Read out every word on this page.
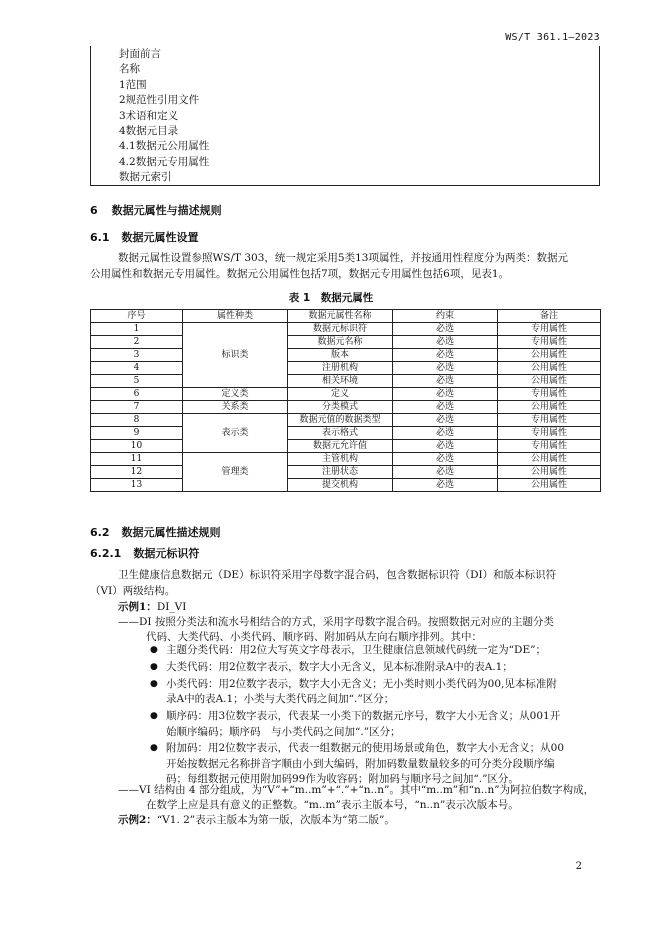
WS/T 361.1—2023
封面前言
名称
1范围
2规范性引用文件
3术语和定义
4数据元目录
4.1数据元公用属性
4.2数据元专用属性
数据元索引
6 数据元属性与描述规则
6.1 数据元属性设置
数据元属性设置参照WS/T 303，统一规定采用5类13项属性，并按通用性程度分为两类：数据元
公用属性和数据元专用属性。数据元公用属性包括7项，数据元专用属性包括6项，见表1。
表 1　数据元属性
序号	属性种类	数据元属性名称	约束	备注
1	标识类	数据元标识符	必选	专用属性
2		数据元名称	必选	专用属性
3		版本	必选	公用属性
4		注册机构	必选	公用属性
5		相关环境	必选	公用属性
6	定义类	定义	必选	专用属性
7	关系类	分类模式	必选	公用属性
8	表示类	数据元值的数据类型	必选	专用属性
9		表示格式	必选	专用属性
10		数据元允许值	必选	专用属性
11	管理类	主管机构	必选	公用属性
12		注册状态	必选	公用属性
13		提交机构	必选	公用属性
6.2 数据元属性描述规则
6.2.1 数据元标识符
卫生健康信息数据元（DE）标识符采用字母数字混合码，包含数据标识符（DI）和版本标识符
（VI）两级结构。
示例1：DI_VI
——DI 按照分类法和流水号相结合的方式，采用字母数字混合码。按照数据元对应的主题分类
代码、大类代码、小类代码、顺序码、附加码从左向右顺序排列。其中：
● 主题分类代码：用2位大写英文字母表示，卫生健康信息领域代码统一定为“DE”；
● 大类代码：用2位数字表示，数字大小无含义，见本标准附录A中的表A.1；
● 小类代码：用2位数字表示，数字大小无含义；无小类时则小类代码为00,见本标准附
录A中的表A.1；小类与大类代码之间加“.”区分；
● 顺序码：用3位数字表示，代表某一小类下的数据元序号，数字大小无含义；从001开
始顺序编码；顺序码　与小类代码之间加“.”区分；
● 附加码：用2位数字表示，代表一组数据元的使用场景或角色，数字大小无含义；从00
开始按数据元名称拼音字顺由小到大编码，附加码数量数量较多的可分类分段顺序编
码；每组数据元使用附加码99作为收容码；附加码与顺序号之间加“.”区分。
——VI 结构由 4 部分组成，为“V”+“m..m”+“.”+“n..n”。其中“m..m”和“n..n”为阿拉伯数字构成，
在数学上应是具有意义的正整数。“m..m”表示主版本号，“n..n”表示次版本号。
示例2：“V1. 2”表示主版本为第一版，次版本为“第二版”。
2
